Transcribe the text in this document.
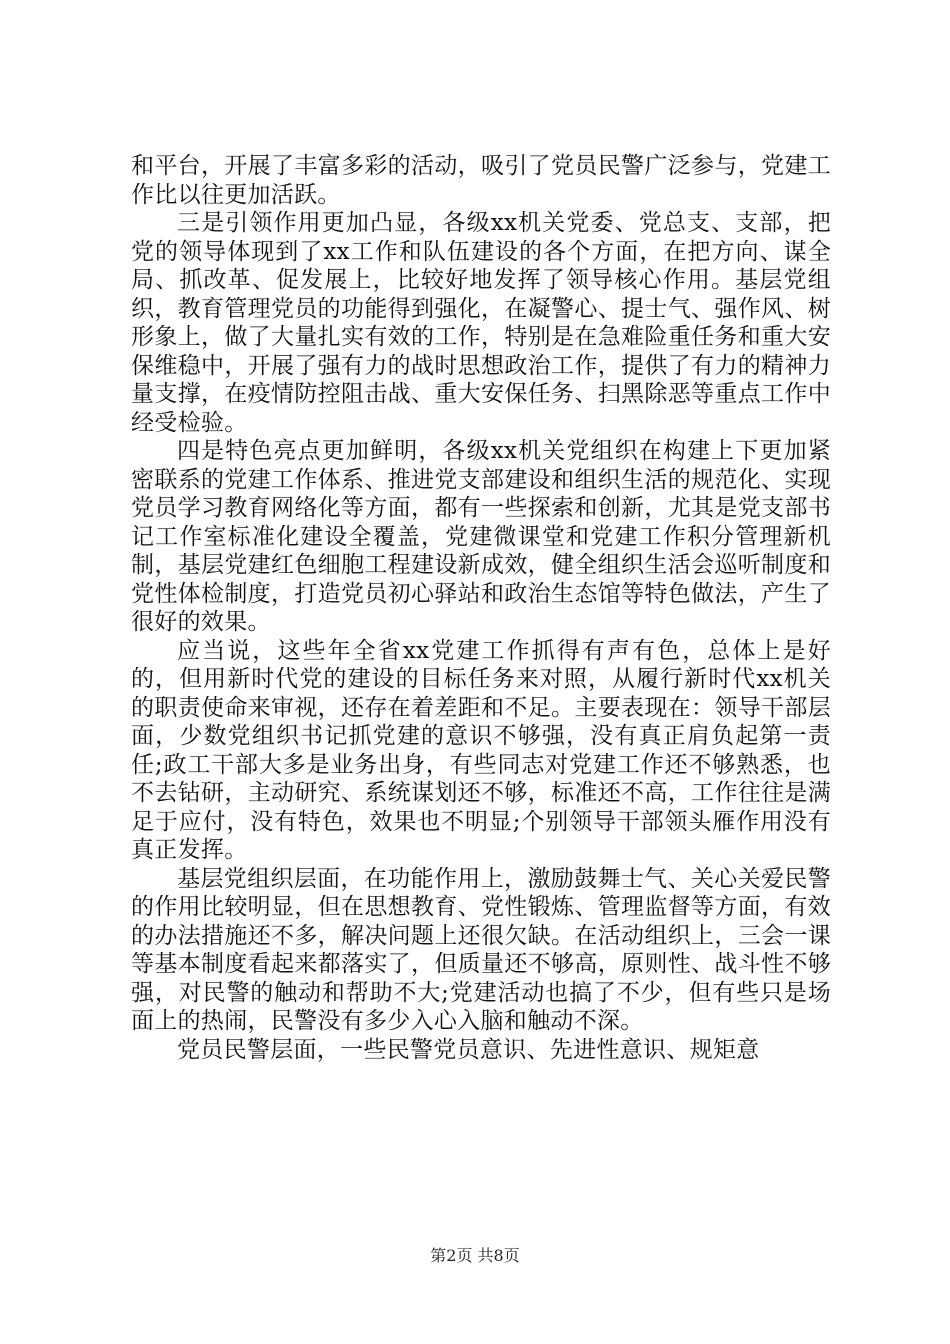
和平台，开展了丰富多彩的活动，吸引了党员民警广泛参与，党建工作比以往更加活跃。

三是引领作用更加凸显，各级xx机关党委、党总支、支部，把党的领导体现到了xx工作和队伍建设的各个方面，在把方向、谋全局、抓改革、促发展上，比较好地发挥了领导核心作用。基层党组织，教育管理党员的功能得到强化，在凝警心、提士气、强作风、树形象上，做了大量扎实有效的工作，特别是在急难险重任务和重大安保维稳中，开展了强有力的战时思想政治工作，提供了有力的精神力量支撑，在疫情防控阻击战、重大安保任务、扫黑除恶等重点工作中经受检验。

四是特色亮点更加鲜明，各级xx机关党组织在构建上下更加紧密联系的党建工作体系、推进党支部建设和组织生活的规范化、实现党员学习教育网络化等方面，都有一些探索和创新，尤其是党支部书记工作室标准化建设全覆盖，党建微课堂和党建工作积分管理新机制，基层党建红色细胞工程建设新成效，健全组织生活会巡听制度和党性体检制度，打造党员初心驿站和政治生态馆等特色做法，产生了很好的效果。

应当说，这些年全省xx党建工作抓得有声有色，总体上是好的，但用新时代党的建设的目标任务来对照，从履行新时代xx机关的职责使命来审视，还存在着差距和不足。主要表现在：领导干部层面，少数党组织书记抓党建的意识不够强，没有真正肩负起第一责任;政工干部大多是业务出身，有些同志对党建工作还不够熟悉，也不去钻研，主动研究、系统谋划还不够，标准还不高，工作往往是满足于应付，没有特色，效果也不明显;个别领导干部领头雁作用没有真正发挥。

基层党组织层面，在功能作用上，激励鼓舞士气、关心关爱民警的作用比较明显，但在思想教育、党性锻炼、管理监督等方面，有效的办法措施还不多，解决问题上还很欠缺。在活动组织上，三会一课等基本制度看起来都落实了，但质量还不够高，原则性、战斗性不够强，对民警的触动和帮助不大;党建活动也搞了不少，但有些只是场面上的热闹，民警没有多少入心入脑和触动不深。

党员民警层面，一些民警党员意识、先进性意识、规矩意

第2页 共8页
